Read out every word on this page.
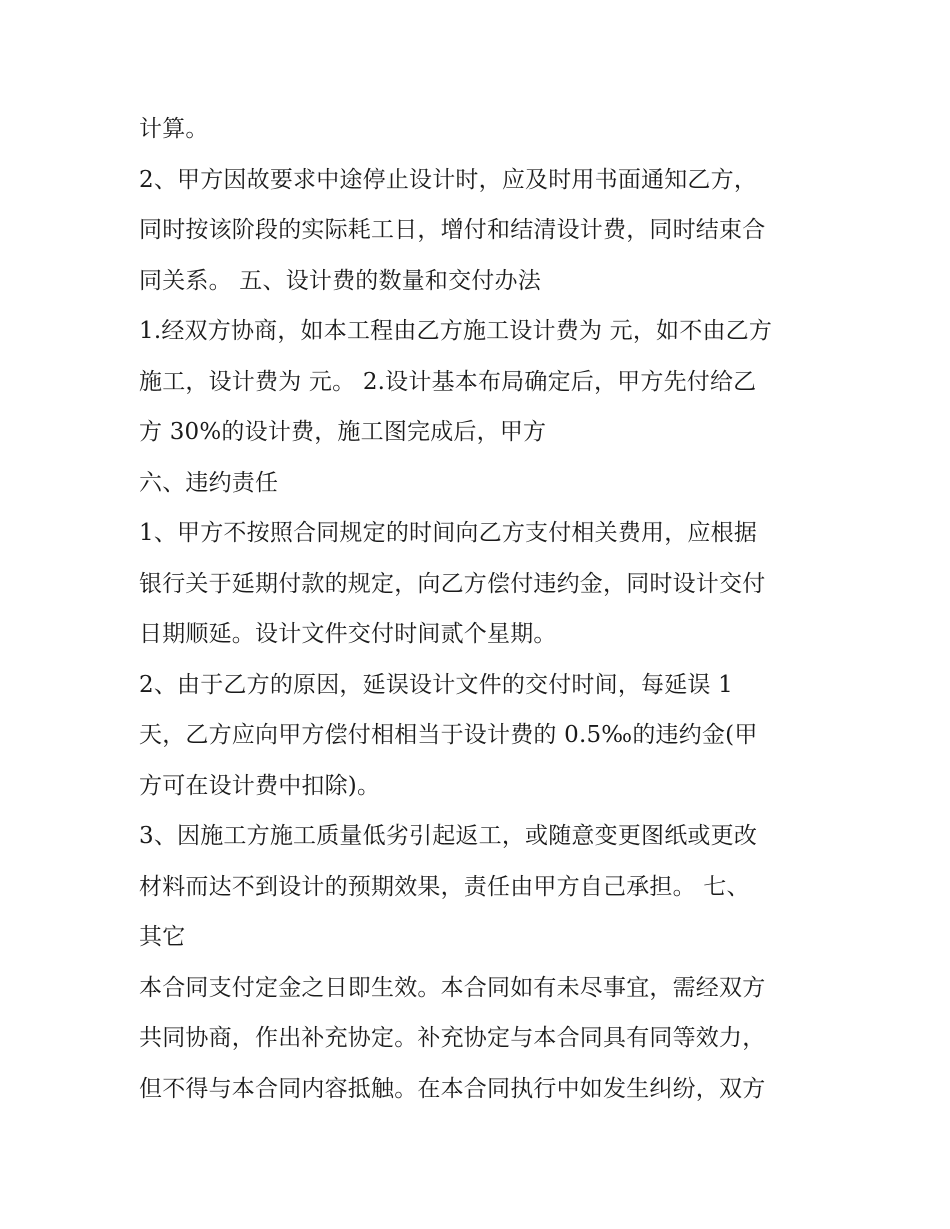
计算。
2、甲方因故要求中途停止设计时，应及时用书面通知乙方，
同时按该阶段的实际耗工日，增付和结清设计费，同时结束合
同关系。 五、设计费的数量和交付办法
1.经双方协商，如本工程由乙方施工设计费为 元，如不由乙方
施工，设计费为 元。 2.设计基本布局确定后，甲方先付给乙
方 30%的设计费，施工图完成后，甲方
六、违约责任
1、甲方不按照合同规定的时间向乙方支付相关费用，应根据
银行关于延期付款的规定，向乙方偿付违约金，同时设计交付
日期顺延。设计文件交付时间贰个星期。
2、由于乙方的原因，延误设计文件的交付时间，每延误 1
天，乙方应向甲方偿付相相当于设计费的 0.5‰的违约金(甲
方可在设计费中扣除)。
3、因施工方施工质量低劣引起返工，或随意变更图纸或更改
材料而达不到设计的预期效果，责任由甲方自己承担。 七、
其它
本合同支付定金之日即生效。本合同如有未尽事宜，需经双方
共同协商，作出补充协定。补充协定与本合同具有同等效力，
但不得与本合同内容抵触。在本合同执行中如发生纠纷，双方
